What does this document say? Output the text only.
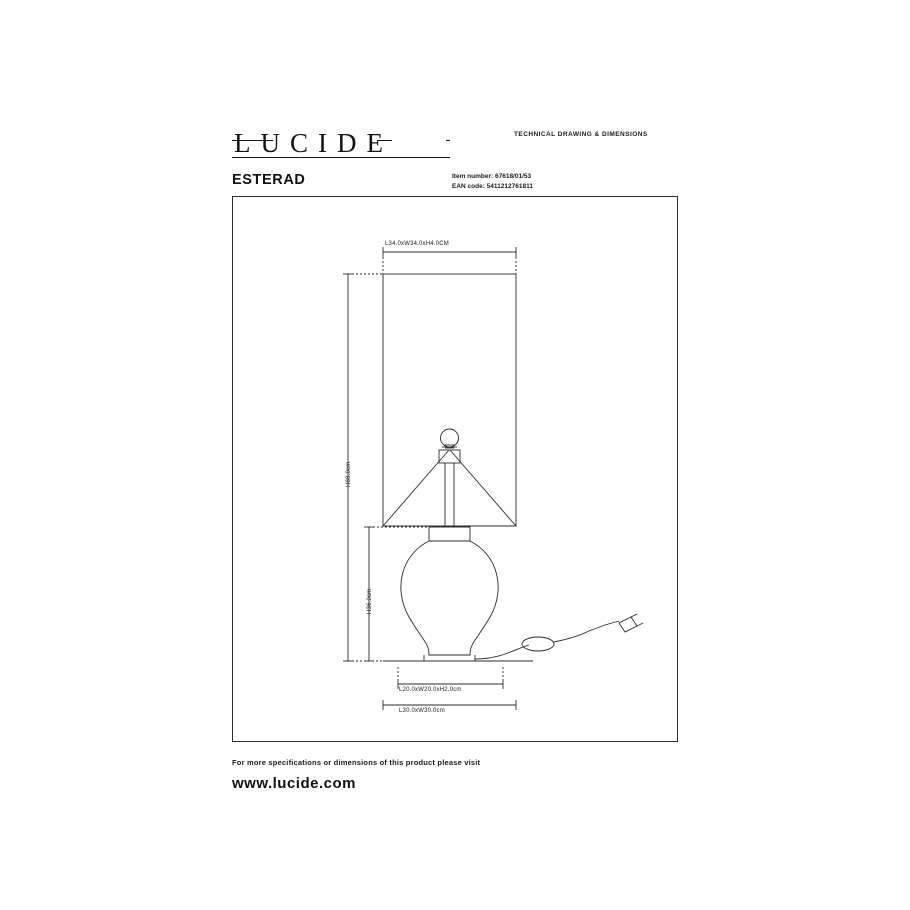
LUCIDE	TECHNICAL DRAWING & DIMENSIONS
ESTERAD	Item number: 67618/01/53
EAN code: 5411212761811
L34.0xW34.0xH4.0CM
H88.0cm
H36.0cm
L20.0xW20.0xH2.0cm
L30.0xW30.0cm
For more specifications or dimensions of this product please visit
www.lucide.com
